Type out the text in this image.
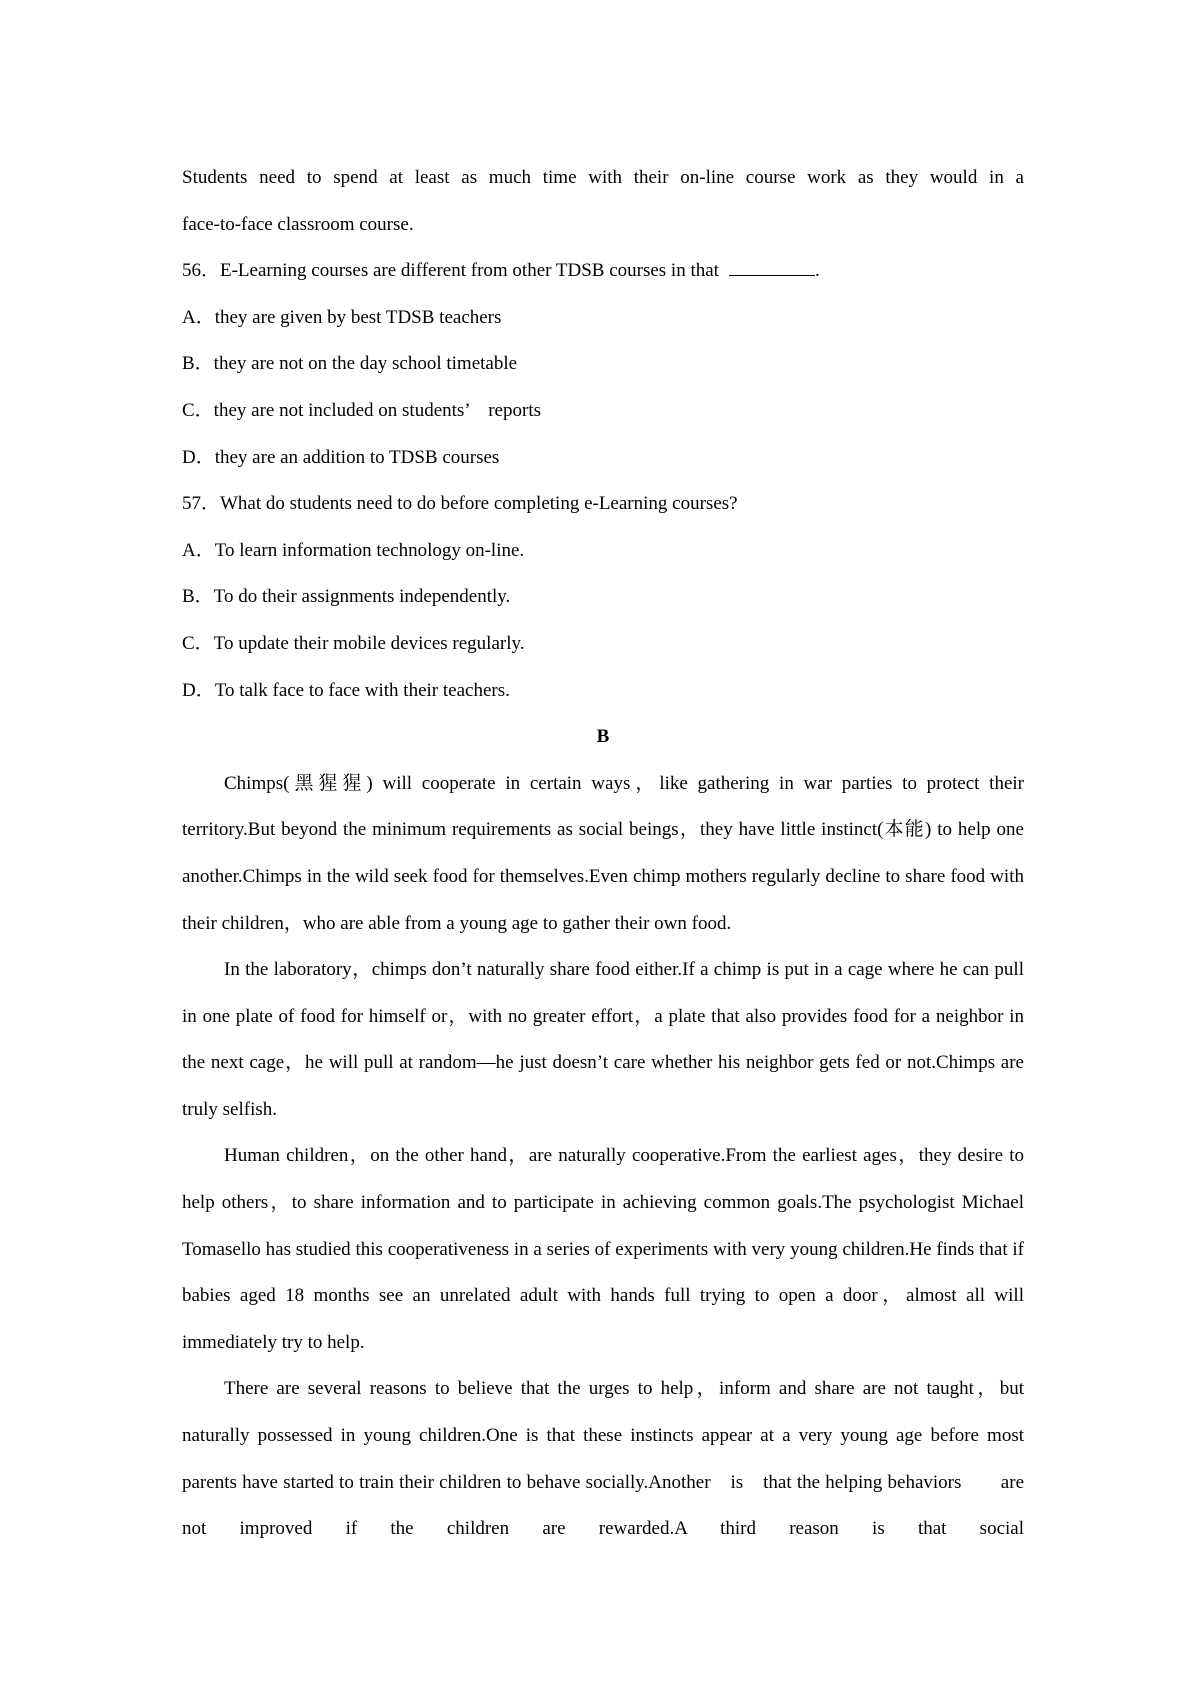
Students need to spend at least as much time with their on-line course work as they would in a
face-to-face classroom course.
56．E-Learning courses are different from other TDSB courses in that	.
A．they are given by best TDSB teachers
B．they are not on the day school timetable
C．they are not included on students’　reports
D．they are an addition to TDSB courses
57．What do students need to do before completing e-Learning courses?
A．To learn information technology on-line.
B．To do their assignments independently.
C．To update their mobile devices regularly.
D．To talk face to face with their teachers.
B
Chimps(黑猩猩) will cooperate in certain ways，like gathering in war parties to protect their territory.But beyond the minimum requirements as social beings，they have little instinct(本能) to help one another.Chimps in the wild seek food for themselves.Even chimp mothers regularly decline to share food with their children，who are able from a young age to gather their own food.
In the laboratory，chimps don’t naturally share food either.If a chimp is put in a cage where he can pull in one plate of food for himself or，with no greater effort，a plate that also provides food for a neighbor in the next cage，he will pull at random—he just doesn’t care whether his neighbor gets fed or not.Chimps are truly selfish.
Human children，on the other hand，are naturally cooperative.From the earliest ages，they desire to help others，to share information and to participate in achieving common goals.The psychologist Michael Tomasello has studied this cooperativeness in a series of experiments with very young children.He finds that if babies aged 18 months see an unrelated adult with hands full trying to open a door，almost all will immediately try to help.
There are several reasons to believe that the urges to help，inform and share are not taught，but naturally possessed in young children.One is that these instincts appear at a very young age before most parents have started to train their children to behave socially.Another　is　that the helping behaviors　　are not improved if the children are rewarded.A third reason is that social
